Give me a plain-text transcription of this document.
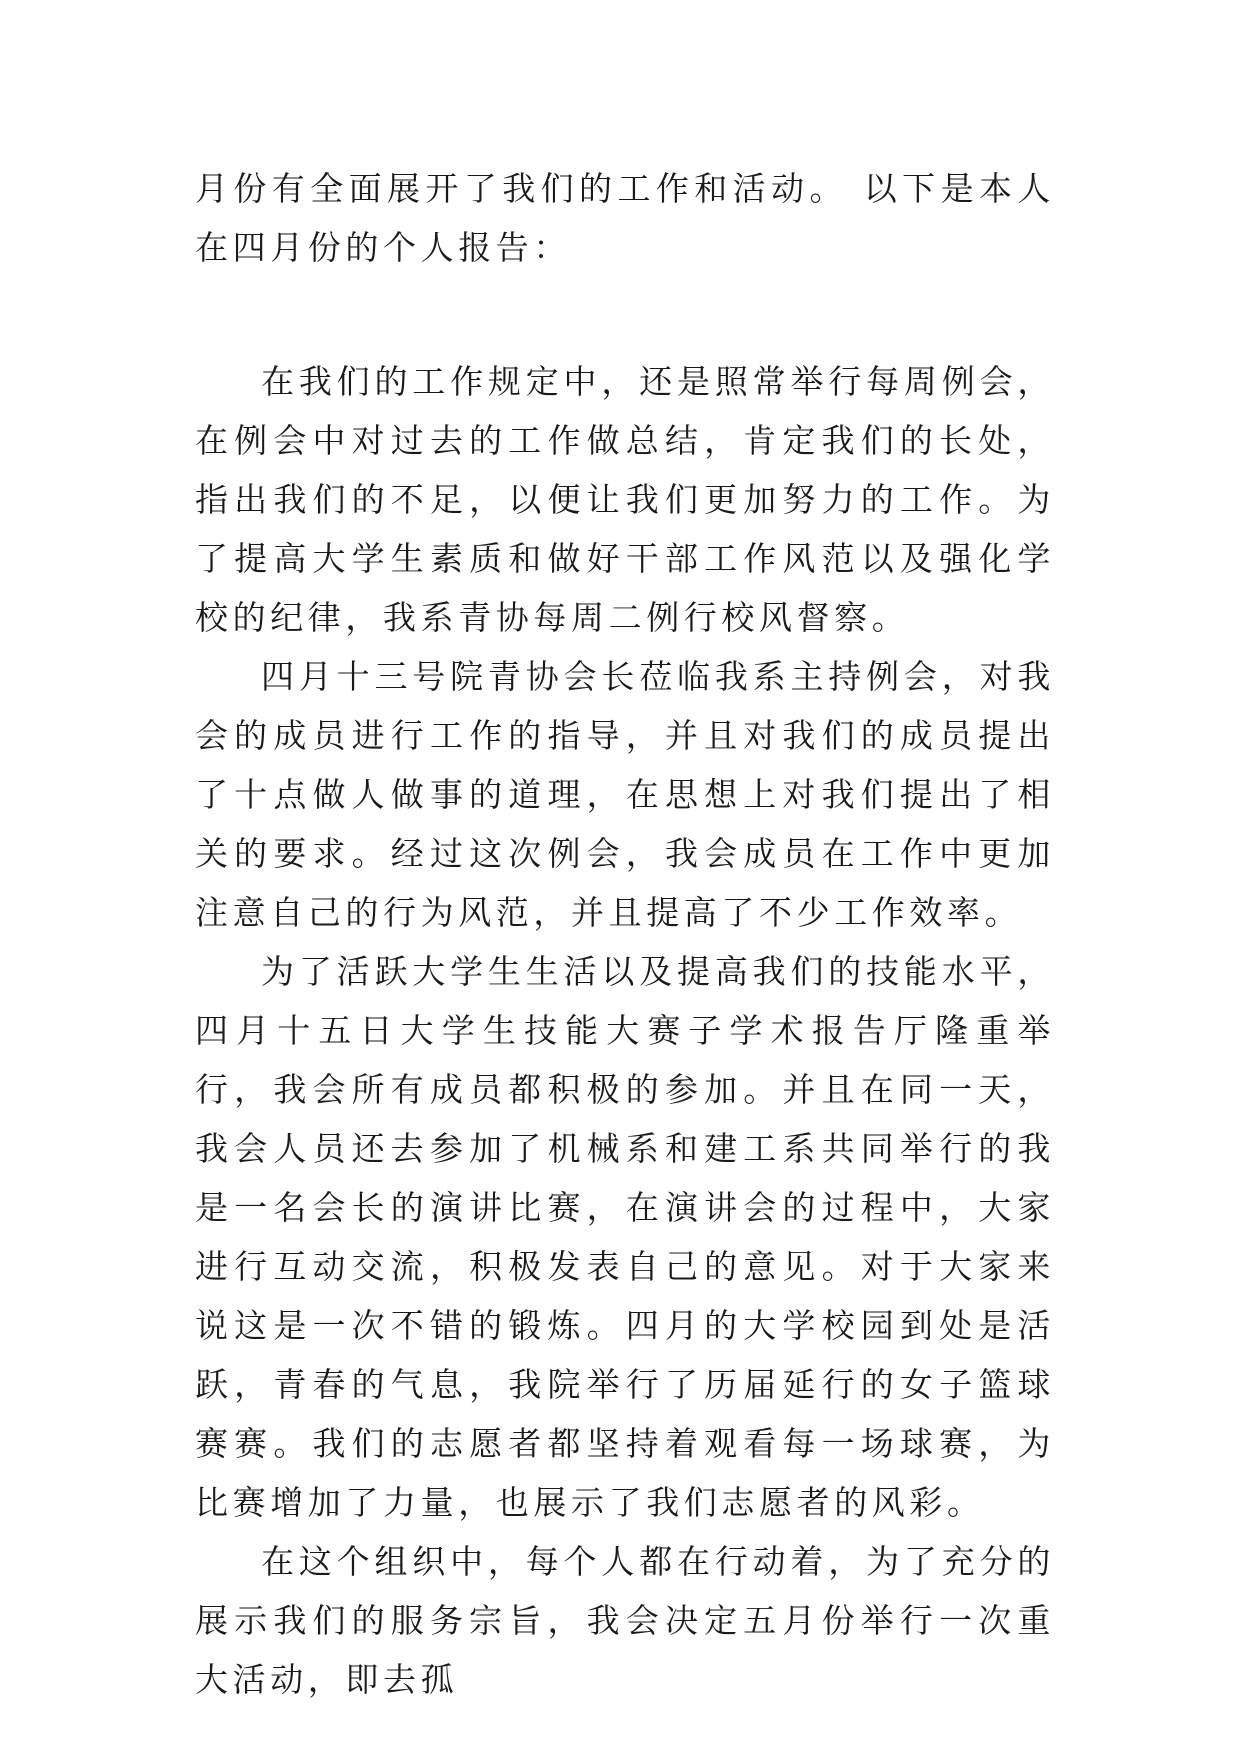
月份有全面展开了我们的工作和活动。 以下是本人在四月份的个人报告：

在我们的工作规定中，还是照常举行每周例会，在例会中对过去的工作做总结，肯定我们的长处，指出我们的不足，以便让我们更加努力的工作。为了提高大学生素质和做好干部工作风范以及强化学校的纪律，我系青协每周二例行校风督察。

四月十三号院青协会长莅临我系主持例会，对我会的成员进行工作的指导，并且对我们的成员提出了十点做人做事的道理，在思想上对我们提出了相关的要求。经过这次例会，我会成员在工作中更加注意自己的行为风范，并且提高了不少工作效率。

为了活跃大学生生活以及提高我们的技能水平，四月十五日大学生技能大赛子学术报告厅隆重举行，我会所有成员都积极的参加。并且在同一天，我会人员还去参加了机械系和建工系共同举行的我是一名会长的演讲比赛，在演讲会的过程中，大家进行互动交流，积极发表自己的意见。对于大家来说这是一次不错的锻炼。四月的大学校园到处是活跃，青春的气息，我院举行了历届延行的女子篮球赛赛。我们的志愿者都坚持着观看每一场球赛，为比赛增加了力量，也展示了我们志愿者的风彩。

在这个组织中，每个人都在行动着，为了充分的展示我们的服务宗旨，我会决定五月份举行一次重大活动，即去孤
